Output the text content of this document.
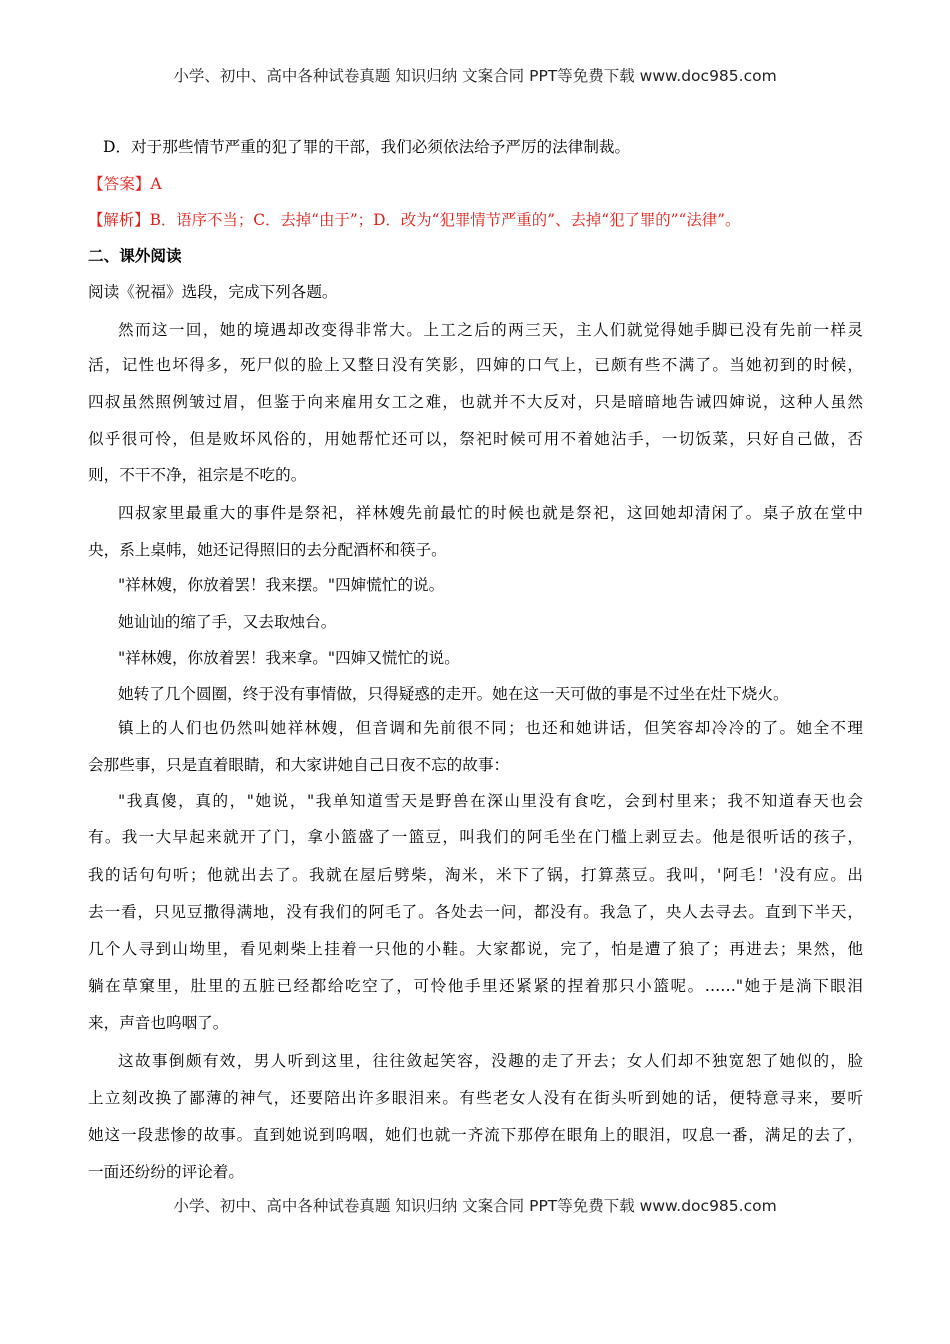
小学、初中、高中各种试卷真题 知识归纳 文案合同 PPT等免费下载 www.doc985.com
D．对于那些情节严重的犯了罪的干部，我们必须依法给予严厉的法律制裁。
【答案】A
【解析】B．语序不当；C．去掉“由于”；D．改为“犯罪情节严重的”、去掉“犯了罪的”“法律”。
二、课外阅读
阅读《祝福》选段，完成下列各题。
然而这一回，她的境遇却改变得非常大。上工之后的两三天，主人们就觉得她手脚已没有先前一样灵
活，记性也坏得多，死尸似的脸上又整日没有笑影，四婶的口气上，已颇有些不满了。当她初到的时候，
四叔虽然照例皱过眉，但鉴于向来雇用女工之难，也就并不大反对，只是暗暗地告诫四婶说，这种人虽然
似乎很可怜，但是败坏风俗的，用她帮忙还可以，祭祀时候可用不着她沾手，一切饭菜，只好自己做，否
则，不干不净，祖宗是不吃的。
四叔家里最重大的事件是祭祀，祥林嫂先前最忙的时候也就是祭祀，这回她却清闲了。桌子放在堂中
央，系上桌帏，她还记得照旧的去分配酒杯和筷子。
"祥林嫂，你放着罢！我来摆。"四婶慌忙的说。
她讪讪的缩了手，又去取烛台。
"祥林嫂，你放着罢！我来拿。"四婶又慌忙的说。
她转了几个圆圈，终于没有事情做，只得疑惑的走开。她在这一天可做的事是不过坐在灶下烧火。
镇上的人们也仍然叫她祥林嫂，但音调和先前很不同；也还和她讲话，但笑容却冷冷的了。她全不理
会那些事，只是直着眼睛，和大家讲她自己日夜不忘的故事：
"我真傻，真的，"她说，"我单知道雪天是野兽在深山里没有食吃，会到村里来；我不知道春天也会
有。我一大早起来就开了门，拿小篮盛了一篮豆，叫我们的阿毛坐在门槛上剥豆去。他是很听话的孩子，
我的话句句听；他就出去了。我就在屋后劈柴，淘米，米下了锅，打算蒸豆。我叫，'阿毛！'没有应。出
去一看，只见豆撒得满地，没有我们的阿毛了。各处去一问，都没有。我急了，央人去寻去。直到下半天，
几个人寻到山坳里，看见刺柴上挂着一只他的小鞋。大家都说，完了，怕是遭了狼了；再进去；果然，他
躺在草窠里，肚里的五脏已经都给吃空了，可怜他手里还紧紧的捏着那只小篮呢。……"她于是淌下眼泪
来，声音也呜咽了。
这故事倒颇有效，男人听到这里，往往敛起笑容，没趣的走了开去；女人们却不独宽恕了她似的，脸
上立刻改换了鄙薄的神气，还要陪出许多眼泪来。有些老女人没有在街头听到她的话，便特意寻来，要听
她这一段悲惨的故事。直到她说到呜咽，她们也就一齐流下那停在眼角上的眼泪，叹息一番，满足的去了，
一面还纷纷的评论着。
小学、初中、高中各种试卷真题 知识归纳 文案合同 PPT等免费下载 www.doc985.com
